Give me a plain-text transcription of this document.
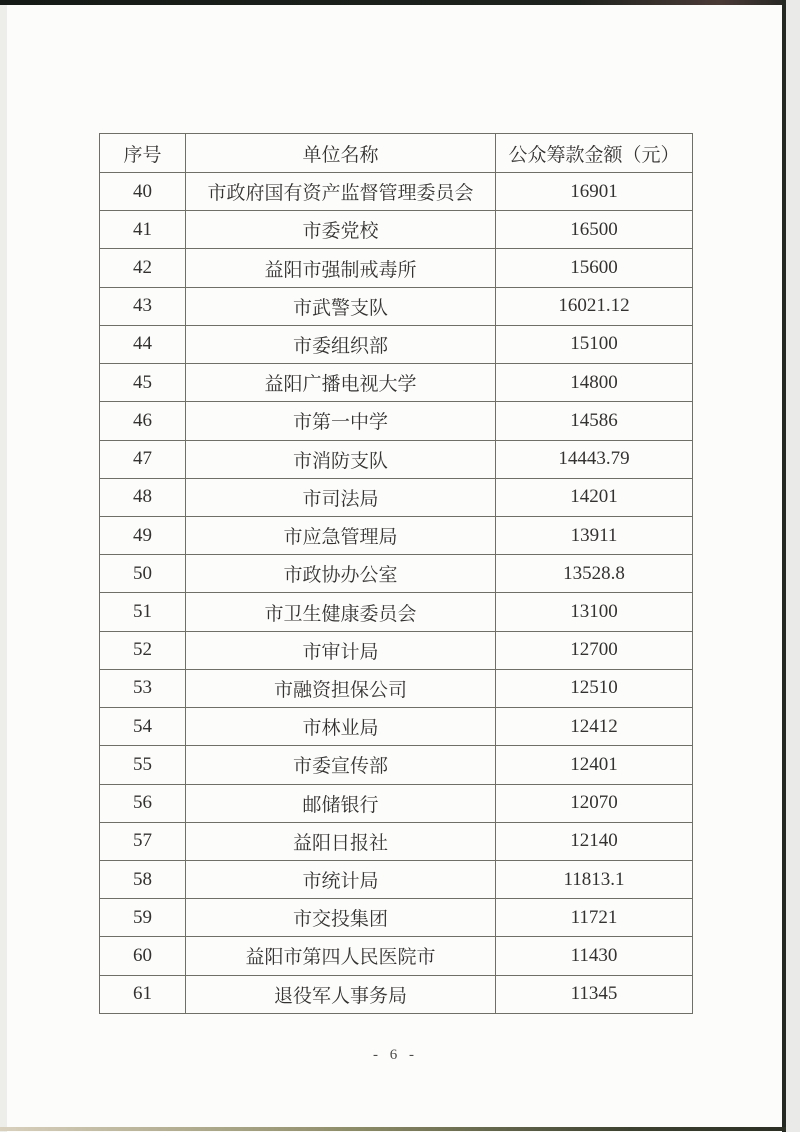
序号	单位名称	公众筹款金额（元）
40	市政府国有资产监督管理委员会	16901
41	市委党校	16500
42	益阳市强制戒毒所	15600
43	市武警支队	16021.12
44	市委组织部	15100
45	益阳广播电视大学	14800
46	市第一中学	14586
47	市消防支队	14443.79
48	市司法局	14201
49	市应急管理局	13911
50	市政协办公室	13528.8
51	市卫生健康委员会	13100
52	市审计局	12700
53	市融资担保公司	12510
54	市林业局	12412
55	市委宣传部	12401
56	邮储银行	12070
57	益阳日报社	12140
58	市统计局	11813.1
59	市交投集团	11721
60	益阳市第四人民医院市	11430
61	退役军人事务局	11345
- 6 -
